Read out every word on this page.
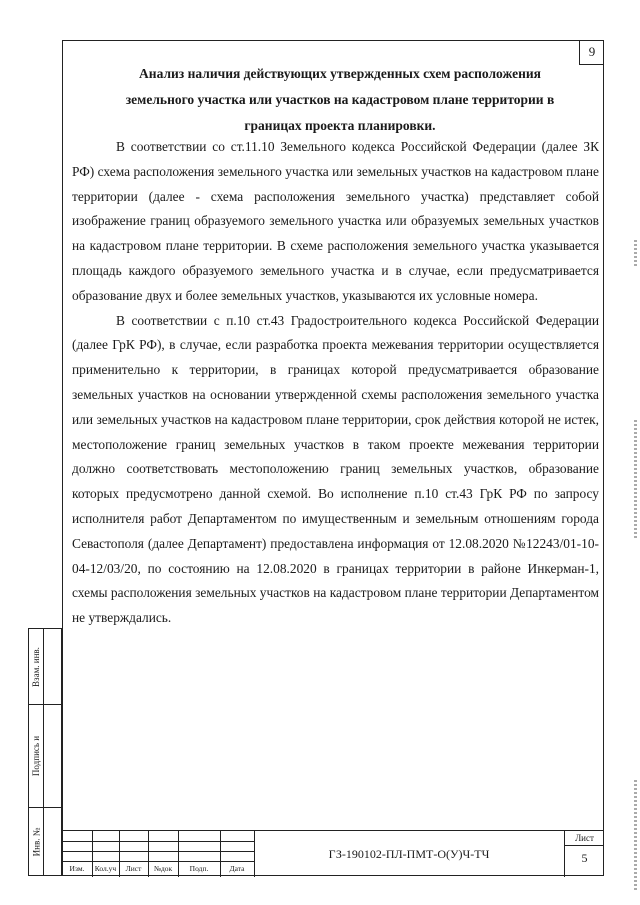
9
Анализ наличия действующих утвержденных схем расположения
земельного участка или участков на кадастровом плане территории в
границах проекта планировки.

В соответствии со ст.11.10 Земельного кодекса Российской Федерации (далее ЗК РФ) схема расположения земельного участка или земельных участков на кадастровом плане территории (далее - схема расположения земельного участка) представляет собой изображение границ образуемого земельного участка или образуемых земельных участков на кадастровом плане территории. В схеме расположения земельного участка указывается площадь каждого образуемого земельного участка и в случае, если предусматривается образование двух и более земельных участков, указываются их условные номера.

В соответствии с п.10 ст.43 Градостроительного кодекса Российской Федерации (далее ГрК РФ), в случае, если разработка проекта межевания территории осуществляется применительно к территории, в границах которой предусматривается образование земельных участков на основании утвержденной схемы расположения земельного участка или земельных участков на кадастровом плане территории, срок действия которой не истек, местоположение границ земельных участков в таком проекте межевания территории должно соответствовать местоположению границ земельных участков, образование которых предусмотрено данной схемой. Во исполнение п.10 ст.43 ГрК РФ по запросу исполнителя работ Департаментом по имущественным и земельным отношениям города Севастополя (далее Департамент) предоставлена информация от 12.08.2020 №12243/01-10-04-12/03/20, по состоянию на 12.08.2020 в границах территории в районе Инкерман-1, схемы расположения земельных участков на кадастровом плане территории Департаментом не утверждались.

Взам. инв.
Подпись и
Инв. №
Изм.	Кол.уч	Лист	№док	Подп.	Дата
ГЗ-190102-ПЛ-ПМТ-О(У)Ч-ТЧ
Лист
5
